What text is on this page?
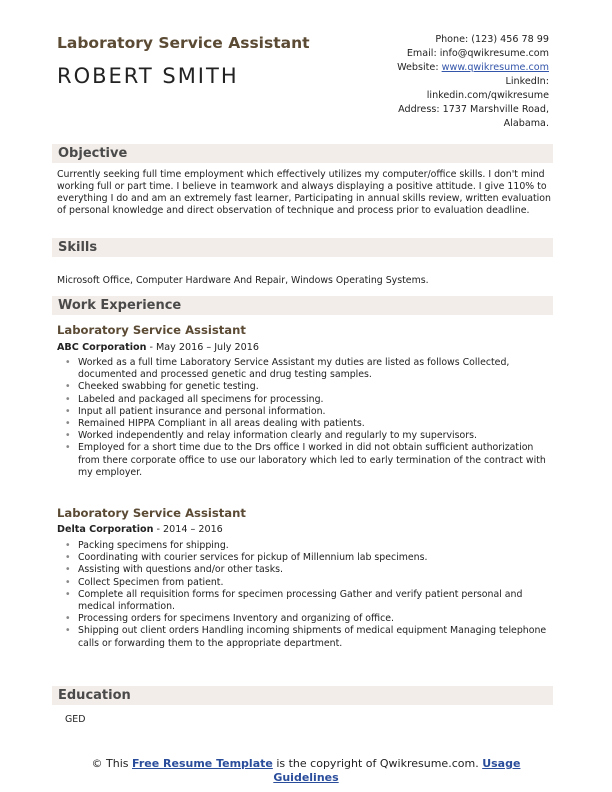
Laboratory Service Assistant
ROBERT SMITH
Phone: (123) 456 78 99
Email: info@qwikresume.com
Website: www.qwikresume.com
LinkedIn:
linkedin.com/qwikresume
Address: 1737 Marshville Road,
Alabama.
Objective
Currently seeking full time employment which effectively utilizes my computer/office skills. I don't mind working full or part time. I believe in teamwork and always displaying a positive attitude. I give 110% to everything I do and am an extremely fast learner, Participating in annual skills review, written evaluation of personal knowledge and direct observation of technique and process prior to evaluation deadline.
Skills
Microsoft Office, Computer Hardware And Repair, Windows Operating Systems.
Work Experience
Laboratory Service Assistant
ABC Corporation - May 2016 – July 2016
• Worked as a full time Laboratory Service Assistant my duties are listed as follows Collected, documented and processed genetic and drug testing samples.
• Cheeked swabbing for genetic testing.
• Labeled and packaged all specimens for processing.
• Input all patient insurance and personal information.
• Remained HIPPA Compliant in all areas dealing with patients.
• Worked independently and relay information clearly and regularly to my supervisors.
• Employed for a short time due to the Drs office I worked in did not obtain sufficient authorization from there corporate office to use our laboratory which led to early termination of the contract with my employer.
Laboratory Service Assistant
Delta Corporation - 2014 – 2016
• Packing specimens for shipping.
• Coordinating with courier services for pickup of Millennium lab specimens.
• Assisting with questions and/or other tasks.
• Collect Specimen from patient.
• Complete all requisition forms for specimen processing Gather and verify patient personal and medical information.
• Processing orders for specimens Inventory and organizing of office.
• Shipping out client orders Handling incoming shipments of medical equipment Managing telephone calls or forwarding them to the appropriate department.
Education
GED
© This Free Resume Template is the copyright of Qwikresume.com. Usage Guidelines
